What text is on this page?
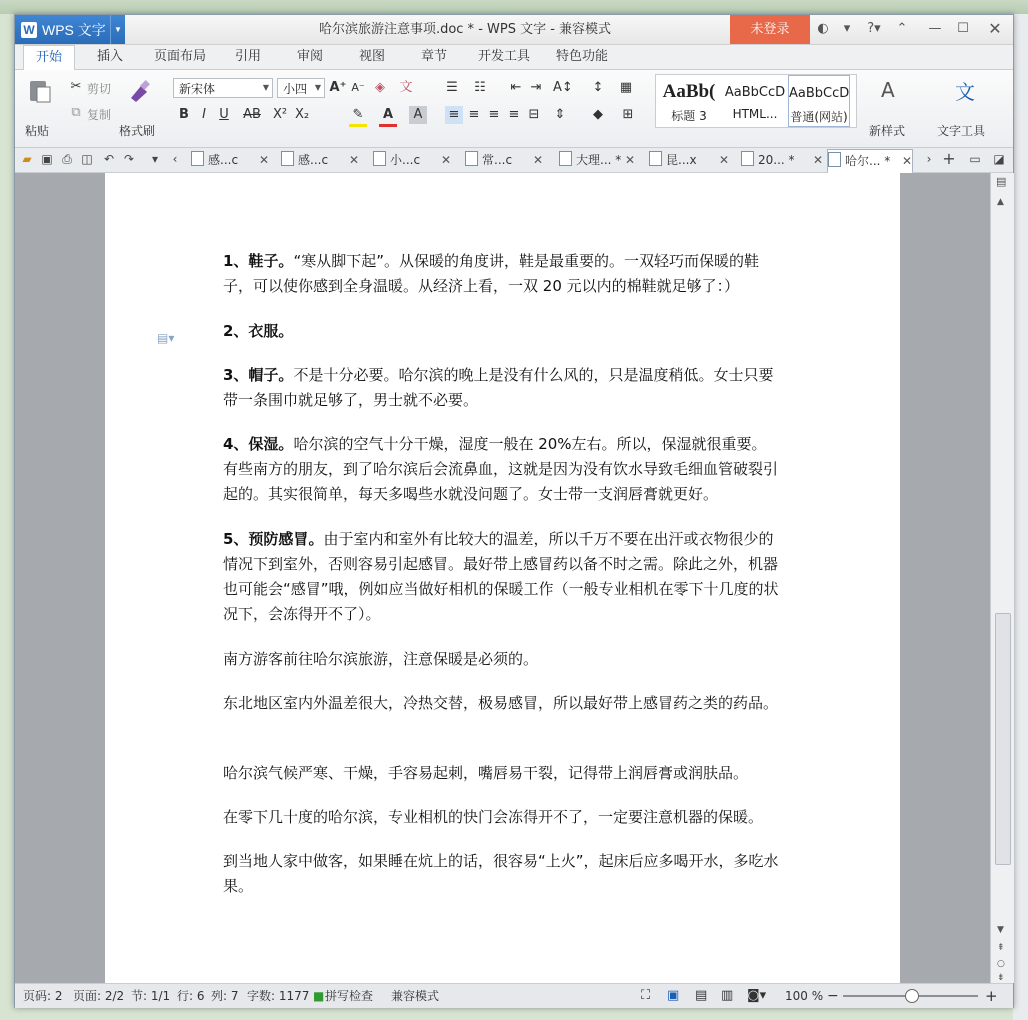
W WPS 文字	▼	哈尔滨旅游注意事项.doc * - WPS 文字 - 兼容模式	未登录	◐	▾	?▾	⌃	—	☐ ✕
开始	插入	页面布局	引用	审阅	视图	章节	开发工具	特色功能
粘贴
✂ 剪切
⧉ 复制
格式刷
新宋体	▼	小四 ▼ A⁺ A⁻ ◈	文
B	I	U	AB X² X₂	✎	A	A
☰ ☷ ⇤ ⇥ A↕ ↕ ▦
≡ ≡ ≡ ≡ ⊟ ⇕	◆	⊞
AaBb(
标题 3
AaBbCcD
HTML...
AaBbCcD
普通(网站)
A
新样式
文
文字工具
▰ ▣ ⎙ ◫ ↶ ↷	▾	‹	感...c ✕	感...c ✕	小...c ✕	常...c ✕	大理... * ✕	昆...x ✕	20... * ✕	哈尔... * ✕	› + ▭ ◪
▤▾
1、鞋子。“寒从脚下起”。从保暖的角度讲，鞋是最重要的。一双轻巧而保暖的鞋子，可以使你感到全身温暖。从经济上看，一双 20 元以内的棉鞋就足够了：）
2、衣服。
3、帽子。不是十分必要。哈尔滨的晚上是没有什么风的，只是温度稍低。女士只要带一条围巾就足够了，男士就不必要。
4、保湿。哈尔滨的空气十分干燥，湿度一般在 20%左右。所以，保湿就很重要。有些南方的朋友，到了哈尔滨后会流鼻血，这就是因为没有饮水导致毛细血管破裂引起的。其实很简单，每天多喝些水就没问题了。女士带一支润唇膏就更好。
5、预防感冒。由于室内和室外有比较大的温差，所以千万不要在出汗或衣物很少的情况下到室外，否则容易引起感冒。最好带上感冒药以备不时之需。除此之外，机器也可能会“感冒”哦，例如应当做好相机的保暖工作（一般专业相机在零下十几度的状况下，会冻得开不了）。
南方游客前往哈尔滨旅游，注意保暖是必须的。
东北地区室内外温差很大，冷热交替，极易感冒，所以最好带上感冒药之类的药品。
哈尔滨气候严寒、干燥，手容易起刺，嘴唇易干裂，记得带上润唇膏或润肤品。
在零下几十度的哈尔滨，专业相机的快门会冻得开不了，一定要注意机器的保暖。
到当地人家中做客，如果睡在炕上的话，很容易“上火”，起床后应多喝开水，多吃水果。
▤
▲
▼
⇞
○
⇟
页码: 2 页面: 2/2 节: 1/1 行: 6 列: 7 字数: 1177 ■ 拼写检查 兼容模式	⛶ ▣ ▤ ▥ ◙▾ 100 % −	+
